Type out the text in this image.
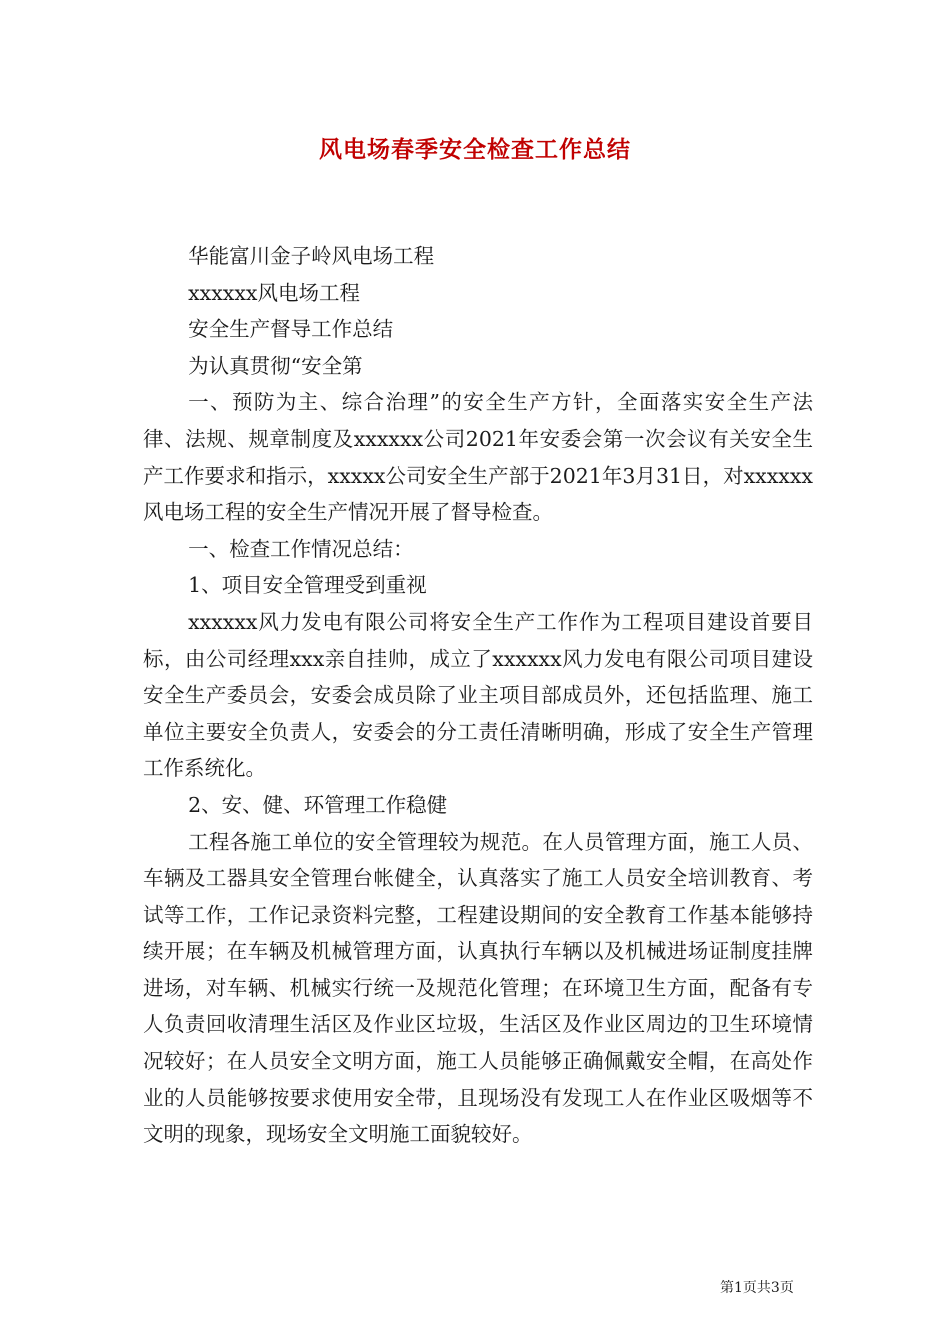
风电场春季安全检查工作总结

华能富川金子岭风电场工程

xxxxxx风电场工程

安全生产督导工作总结

为认真贯彻“安全第

一、预防为主、综合治理”的安全生产方针，全面落实安全生产法律、法规、规章制度及xxxxxx公司2021年安委会第一次会议有关安全生产工作要求和指示，xxxxx公司安全生产部于2021年3月31日，对xxxxxx风电场工程的安全生产情况开展了督导检查。

一、检查工作情况总结：

1、项目安全管理受到重视

xxxxxx风力发电有限公司将安全生产工作作为工程项目建设首要目标，由公司经理xxx亲自挂帅，成立了xxxxxx风力发电有限公司项目建设安全生产委员会，安委会成员除了业主项目部成员外，还包括监理、施工单位主要安全负责人，安委会的分工责任清晰明确，形成了安全生产管理工作系统化。

2、安、健、环管理工作稳健

工程各施工单位的安全管理较为规范。在人员管理方面，施工人员、车辆及工器具安全管理台帐健全，认真落实了施工人员安全培训教育、考试等工作，工作记录资料完整，工程建设期间的安全教育工作基本能够持续开展；在车辆及机械管理方面，认真执行车辆以及机械进场证制度挂牌进场，对车辆、机械实行统一及规范化管理；在环境卫生方面，配备有专人负责回收清理生活区及作业区垃圾，生活区及作业区周边的卫生环境情况较好；在人员安全文明方面，施工人员能够正确佩戴安全帽，在高处作业的人员能够按要求使用安全带，且现场没有发现工人在作业区吸烟等不文明的现象，现场安全文明施工面貌较好。

第1页共3页
